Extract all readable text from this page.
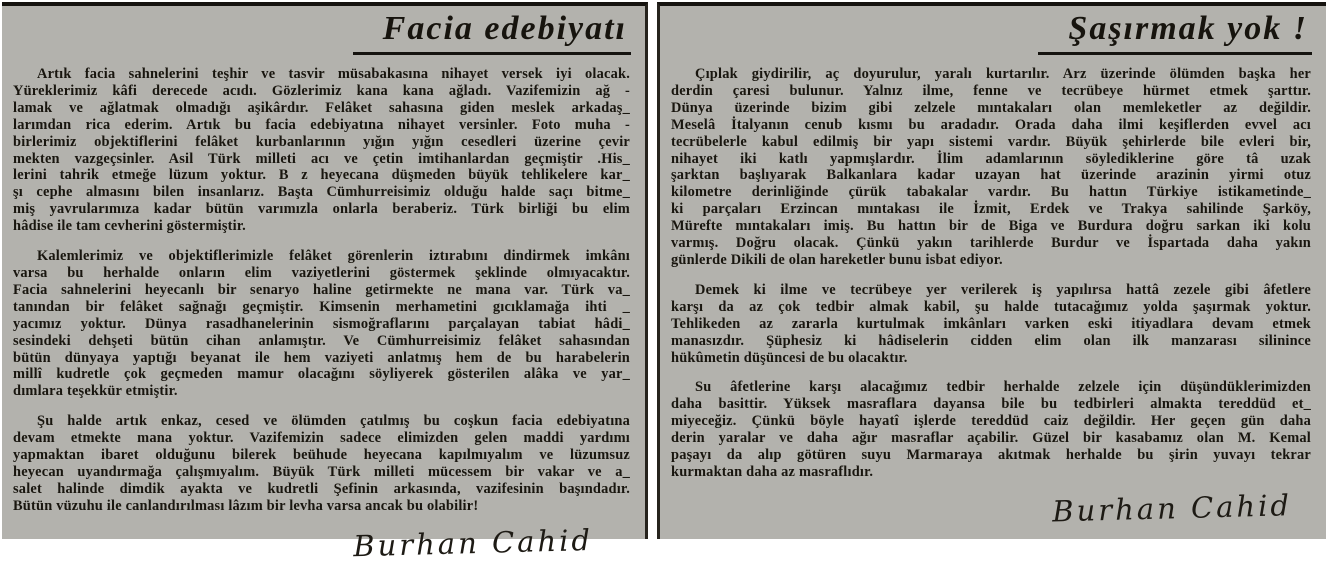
Facia edebiyatı
Artık facia sahnelerini teşhir ve tasvir müsabakasına nihayet versek iyi olacak.
Yüreklerimiz kâfi derecede acıdı. Gözlerimiz kana kana ağladı. Vazifemizin ağ -
lamak ve ağlatmak olmadığı aşikârdır. Felâket sahasına giden meslek arkadaş_
larımdan rica ederim. Artık bu facia edebiyatına nihayet versinler. Foto muha -
birlerimiz objektiflerini felâket kurbanlarının yığın yığın cesedleri üzerine çevir
mekten vazgeçsinler. Asil Türk milleti acı ve çetin imtihanlardan geçmiştir .His_
lerini tahrik etmeğe lüzum yoktur. B z heyecana düşmeden büyük tehlikelere kar_
şı cephe almasını bilen insanlarız. Başta Cümhurreisimiz olduğu halde saçı bitme_
miş yavrularımıza kadar bütün varımızla onlarla beraberiz. Türk birliği bu elim
hâdise ile tam cevherini göstermiştir.
Kalemlerimiz ve objektiflerimizle felâket görenlerin iztırabını dindirmek imkânı
varsa bu herhalde onların elim vaziyetlerini göstermek şeklinde olmıyacaktır.
Facia sahnelerini heyecanlı bir senaryo haline getirmekte ne mana var. Türk va_
tanından bir felâket sağnağı geçmiştir. Kimsenin merhametini gıcıklamağa ihti _
yacımız yoktur. Dünya rasadhanelerinin sismoğraflarını parçalayan tabiat hâdi_
sesindeki dehşeti bütün cihan anlamıştır. Ve Cümhurreisimiz felâket sahasından
bütün dünyaya yaptığı beyanat ile hem vaziyeti anlatmış hem de bu harabelerin
millî kudretle çok geçmeden mamur olacağını söyliyerek gösterilen alâka ve yar_
dımlara teşekkür etmiştir.
Şu halde artık enkaz, cesed ve ölümden çatılmış bu coşkun facia edebiyatına
devam etmekte mana yoktur. Vazifemizin sadece elimizden gelen maddi yardımı
yapmaktan ibaret olduğunu bilerek beühude heyecana kapılmıyalım ve lüzumsuz
heyecan uyandırmağa çalışmıyalım. Büyük Türk milleti mücessem bir vakar ve a_
salet halinde dimdik ayakta ve kudretli Şefinin arkasında, vazifesinin başındadır.
Bütün vüzuhu ile canlandırılması lâzım bir levha varsa ancak bu olabilir!
Burhan Cahid
Şaşırmak yok !
Çıplak giydirilir, aç doyurulur, yaralı kurtarılır. Arz üzerinde ölümden başka her
derdin çaresi bulunur. Yalnız ilme, fenne ve tecrübeye hürmet etmek şarttır.
Dünya üzerinde bizim gibi zelzele mıntakaları olan memleketler az değildir.
Meselâ İtalyanın cenub kısmı bu aradadır. Orada daha ilmi keşiflerden evvel acı
tecrübelerle kabul edilmiş bir yapı sistemi vardır. Büyük şehirlerde bile evleri bir,
nihayet iki katlı yapmışlardır. İlim adamlarının söylediklerine göre tâ uzak
şarktan başlıyarak Balkanlara kadar uzayan hat üzerinde arazinin yirmi otuz
kilometre derinliğinde çürük tabakalar vardır. Bu hattın Türkiye istikametinde_
ki parçaları Erzincan mıntakası ile İzmit, Erdek ve Trakya sahilinde Şarköy,
Mürefte mıntakaları imiş. Bu hattın bir de Biga ve Burdura doğru sarkan iki kolu
varmış. Doğru olacak. Çünkü yakın tarihlerde Burdur ve İspartada daha yakın
günlerde Dikili de olan hareketler bunu isbat ediyor.
Demek ki ilme ve tecrübeye yer verilerek iş yapılırsa hattâ zezele gibi âfetlere
karşı da az çok tedbir almak kabil, şu halde tutacağımız yolda şaşırmak yoktur.
Tehlikeden az zararla kurtulmak imkânları varken eski itiyadlara devam etmek
manasızdır. Şüphesiz ki hâdiselerin cidden elim olan ilk manzarası silinince
hükûmetin düşüncesi de bu olacaktır.
Su âfetlerine karşı alacağımız tedbir herhalde zelzele için düşündüklerimizden
daha basittir. Yüksek masraflara dayansa bile bu tedbirleri almakta tereddüd et_
miyeceğiz. Çünkü böyle hayatî işlerde tereddüd caiz değildir. Her geçen gün daha
derin yaralar ve daha ağır masraflar açabilir. Güzel bir kasabamız olan M. Kemal
paşayı da alıp götüren suyu Marmaraya akıtmak herhalde bu şirin yuvayı tekrar
kurmaktan daha az masraflıdır.
Burhan Cahid
